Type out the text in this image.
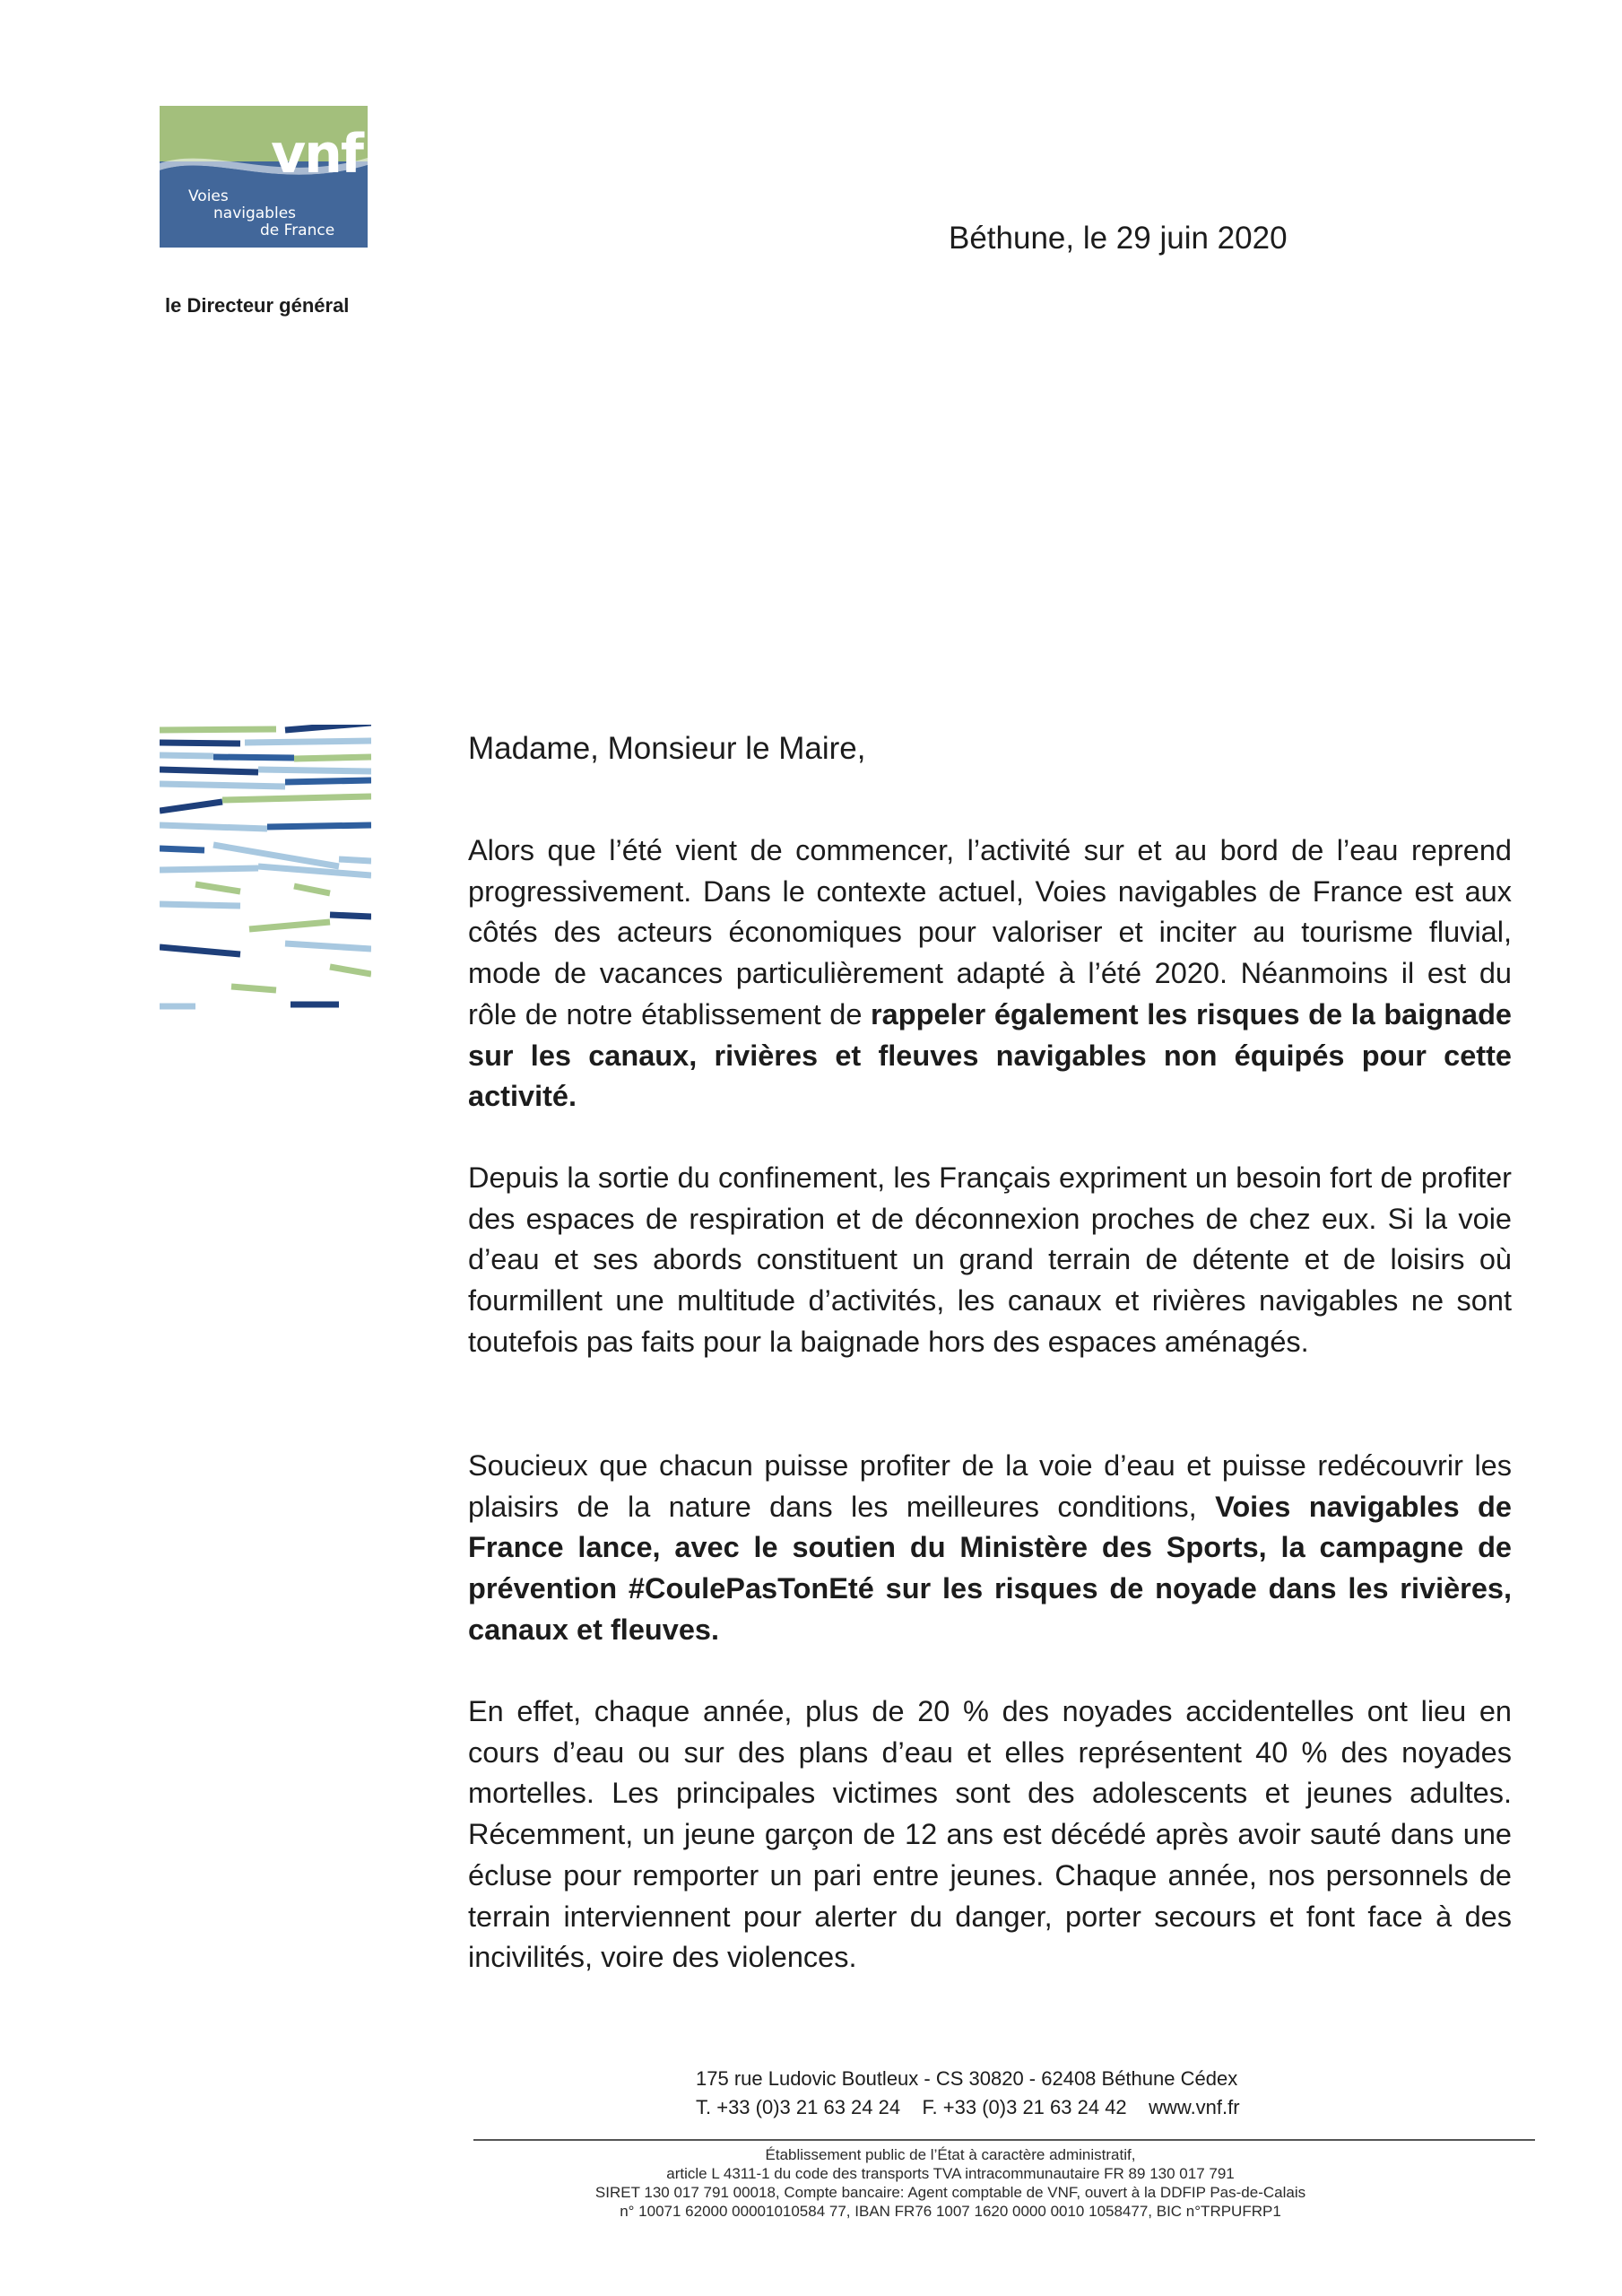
vnf
Voies
navigables
de France
le Directeur général
Béthune, le 29 juin 2020
Madame, Monsieur le Maire,

Alors que l’été vient de commencer, l’activité sur et au bord de l’eau reprend progressivement. Dans le contexte actuel, Voies navigables de France est aux côtés des acteurs économiques pour valoriser et inciter au tourisme fluvial, mode de vacances particulièrement adapté à l’été 2020. Néanmoins il est du rôle de notre établissement de rappeler également les risques de la baignade sur les canaux, rivières et fleuves navigables non équipés pour cette activité.

Depuis la sortie du confinement, les Français expriment un besoin fort de profiter des espaces de respiration et de déconnexion proches de chez eux. Si la voie d’eau et ses abords constituent un grand terrain de détente et de loisirs où fourmillent une multitude d’activités, les canaux et rivières navigables ne sont toutefois pas faits pour la baignade hors des espaces aménagés.

Soucieux que chacun puisse profiter de la voie d’eau et puisse redécouvrir les plaisirs de la nature dans les meilleures conditions, Voies navigables de France lance, avec le soutien du Ministère des Sports, la campagne de prévention #CoulePasTonEté sur les risques de noyade dans les rivières, canaux et fleuves.

En effet, chaque année, plus de 20 % des noyades accidentelles ont lieu en cours d’eau ou sur des plans d’eau et elles représentent 40 % des noyades mortelles. Les principales victimes sont des adolescents et jeunes adultes. Récemment, un jeune garçon de 12 ans est décédé après avoir sauté dans une écluse pour remporter un pari entre jeunes. Chaque année, nos personnels de terrain interviennent pour alerter du danger, porter secours et font face à des incivilités, voire des violences.

175 rue Ludovic Boutleux - CS 30820 - 62408 Béthune Cédex
T. +33 (0)3 21 63 24 24    F. +33 (0)3 21 63 24 42    www.vnf.fr
Établissement public de l’État à caractère administratif,
article L 4311-1 du code des transports TVA intracommunautaire FR 89 130 017 791
SIRET 130 017 791 00018, Compte bancaire: Agent comptable de VNF, ouvert à la DDFIP Pas-de-Calais
n° 10071 62000 00001010584 77, IBAN FR76 1007 1620 0000 0010 1058477, BIC n°TRPUFRP1
